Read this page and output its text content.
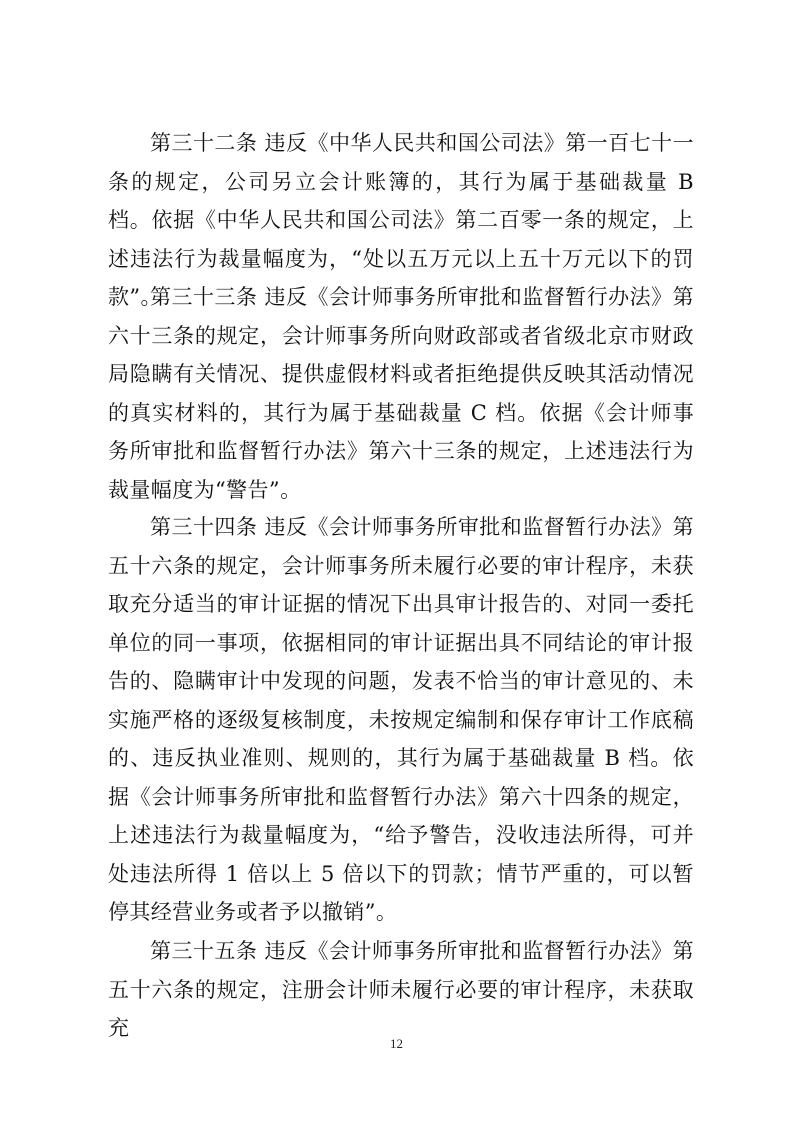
第三十二条 违反《中华人民共和国公司法》第一百七十一条的规定，公司另立会计账簿的，其行为属于基础裁量 B 档。依据《中华人民共和国公司法》第二百零一条的规定，上述违法行为裁量幅度为，“处以五万元以上五十万元以下的罚款”。

第三十三条 违反《会计师事务所审批和监督暂行办法》第六十三条的规定，会计师事务所向财政部或者省级北京市财政局隐瞒有关情况、提供虚假材料或者拒绝提供反映其活动情况的真实材料的，其行为属于基础裁量 C 档。依据《会计师事务所审批和监督暂行办法》第六十三条的规定，上述违法行为裁量幅度为“警告”。

第三十四条 违反《会计师事务所审批和监督暂行办法》第五十六条的规定，会计师事务所未履行必要的审计程序，未获取充分适当的审计证据的情况下出具审计报告的、对同一委托单位的同一事项，依据相同的审计证据出具不同结论的审计报告的、隐瞒审计中发现的问题，发表不恰当的审计意见的、未实施严格的逐级复核制度，未按规定编制和保存审计工作底稿的、违反执业准则、规则的，其行为属于基础裁量 B 档。依据《会计师事务所审批和监督暂行办法》第六十四条的规定，上述违法行为裁量幅度为，“给予警告，没收违法所得，可并处违法所得 1 倍以上 5 倍以下的罚款；情节严重的，可以暂停其经营业务或者予以撤销”。

第三十五条 违反《会计师事务所审批和监督暂行办法》第五十六条的规定，注册会计师未履行必要的审计程序，未获取充

12
